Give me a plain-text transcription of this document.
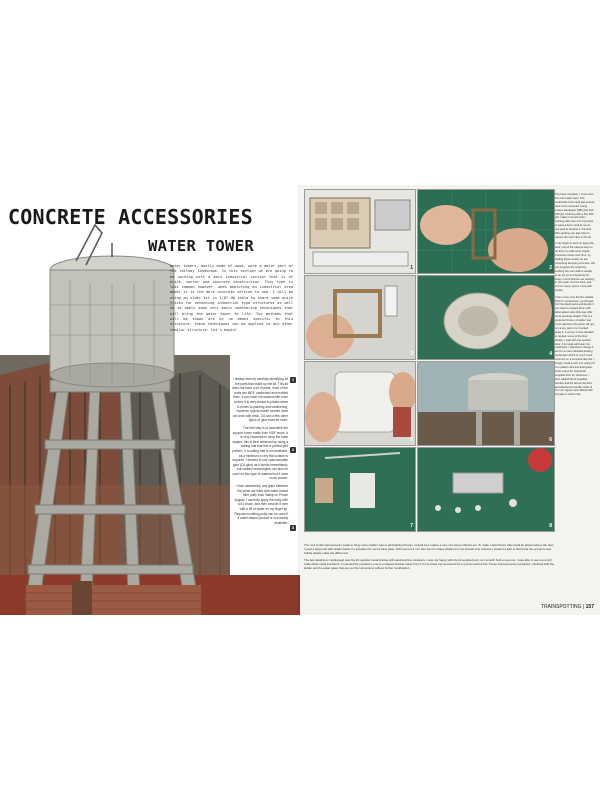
CONCRETE ACCESSORIES
WATER TOWER
Water towers, mostly made of wood, were a major part of the railway landscape. In this section we are going to be working with a more industrial version that is of brick, mortar and concrete construction. This type is less common however, when depicting an industrial area model it is the more concrete version to use. I will be using an older kit in 1/87 HO scale to share some quick tricks for enhancing industrial type structures as well as to apply some very basic weathering techniques that will bring the water tower to life. The methods that will be shown are by no means specific to this structure; these techniques can be applied to any other similar structure. Let's begin!

I always start by carefully identifying all the parts that make up the kit. This kit does not have a lot of parts, most of the parts are MDF, cardboard and molded resin. If you have not worked with resin before it is very similar to plastic when it comes to painting and weathering, however, typical model cement does not work with resin, CA and a few other types of glue must be used.

The first step is to assemble the support tower made from MDF wood. It is very important to keep the base square; this is best achieved by using a cutting mat that has a printed grid pattern. If a cutting mat is not available, as a minimum a very flat surface is required. I elected to use cyanoacrylate glue (CA glue) as it bonds immediately, but contact cement/glue can also be used on this type of material but it does much slower.

Once assembled, any gaps between the joints are filled with water-based filler putty from Vallejo or Prince August. I carefully apply the putty with a #1 brush, and then smooth it over with a bit of water on my finger tip. Regular modeling putty can be used if a water-based product is not readily available.

1
2
3
1	2
3	4
5	6
7	8

The base complete, I move onto the resin water tank. The underside of the tank has excess resin to be removed. Using coarse sandpaper (#80 grit) then 180 grit, finishing with a fine 360 grit, make it smooth when working with resin it is important to wear a dust mask as we do not want to breathe in the dust. Wet sanding can also help to reduce the resin dust in the air.

I may begin to work on aging the tank; one of the easiest ways to do this is to add some cracks. Concrete cracks over time, by adding these cracks we are mimicking decaying concrete. We can engrave the cracks by scribing the resin with a needle or an art pin or engraving bit, keep in mind that we are working in HO scale. Not too thick, and not too many; less is more with cracks.

I then move onto the fine details. Prior to construction, go through the fine detail parts and decide if you want to replace them with aftermarket parts that may offer more accurate details. This is a personal choice; consider how much attention this piece will get, is it a key part or is it tucked away in a corner. I have decided to replace some of the finer details. I start with the wooden door, it is made with laser cut cardboard. I elected to change it out for a more industrial looking metal door which is much more common on a structure like this. I simply made a new one using 0.5 mm plastic card and Evergreen strips using the original kit supplied door for reference. I then added the kit supplied window that fits above the door, and attached a handle made of 0.3 mm copper wire affixed with CA glue in a fine hole.

The next small improvement I made to bring more realism was to add lighting fixtures. Grandt Line makes a very nice lamp reflector set. To make a light fixture that would be placed above the door I used a large bolt with heads washer to simulate the mount base plate. With some 0.4 mm wire bent to shape attached to the Grandt Line reflector I created a light to illuminate the entrance way. Subtle details make the difference!

The last detail item I addressed was the kit supplied metal bracket with electrical line insulators. I was not happy with the kit supplied part, so I scratch built a new one. I was able to use some HO scale white metal insulators. I mounted the insulators onto a U-shaped bracket made from 0.5 mm brass rod recovered from a photo etched fret. These improvements completed, I finished with the ladder and the water gates that are per the instructions without further modification.

TRAINSPOTTING | 157
